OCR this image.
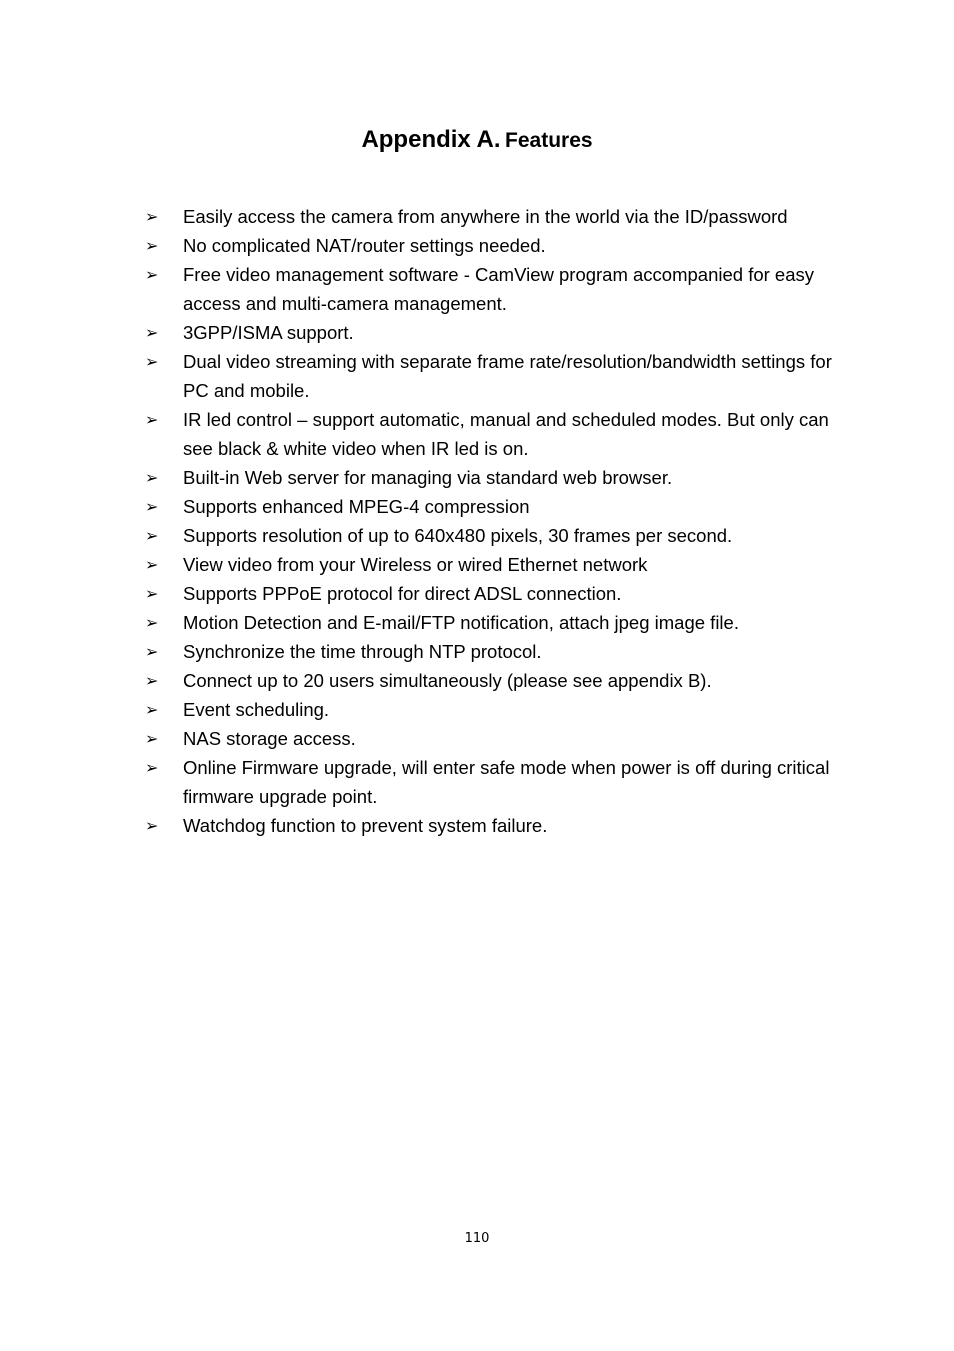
Appendix A. Features
➢ Easily access the camera from anywhere in the world via the ID/password
➢ No complicated NAT/router settings needed.
➢ Free video management software - CamView program accompanied for easy access and multi-camera management.
➢ 3GPP/ISMA support.
➢ Dual video streaming with separate frame rate/resolution/bandwidth settings for PC and mobile.
➢ IR led control – support automatic, manual and scheduled modes. But only can see black & white video when IR led is on.
➢ Built-in Web server for managing via standard web browser.
➢ Supports enhanced MPEG-4 compression
➢ Supports resolution of up to 640x480 pixels, 30 frames per second.
➢ View video from your Wireless or wired Ethernet network
➢ Supports PPPoE protocol for direct ADSL connection.
➢ Motion Detection and E-mail/FTP notification, attach jpeg image file.
➢ Synchronize the time through NTP protocol.
➢ Connect up to 20 users simultaneously (please see appendix B).
➢ Event scheduling.
➢ NAS storage access.
➢ Online Firmware upgrade, will enter safe mode when power is off during critical firmware upgrade point.
➢ Watchdog function to prevent system failure.
110
